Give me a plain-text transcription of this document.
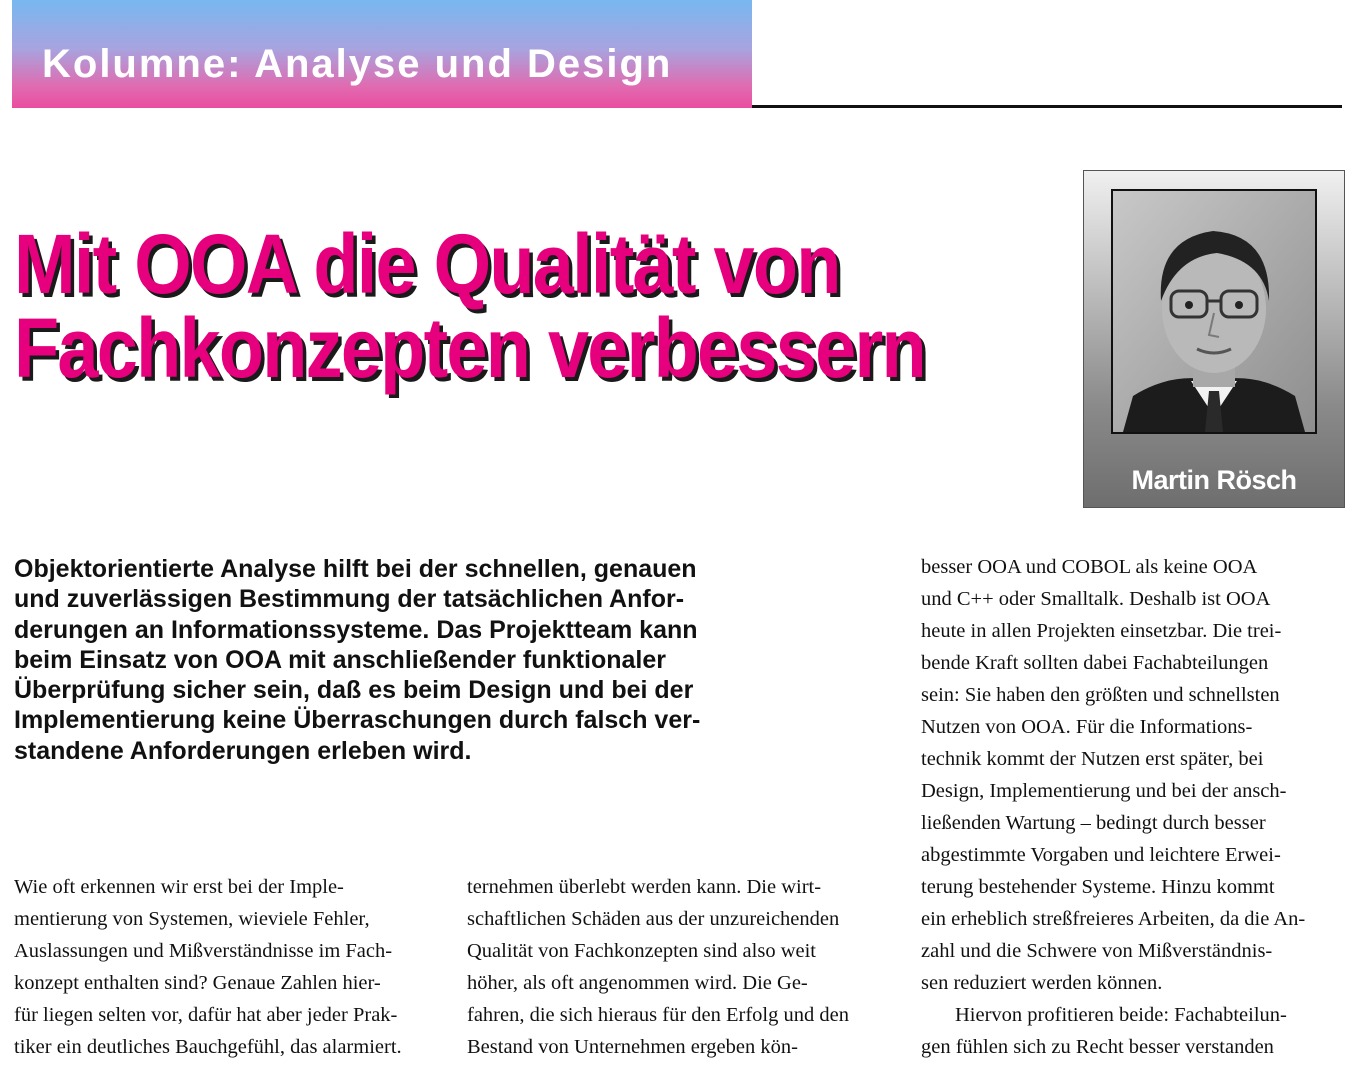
Kolumne: Analyse und Design
Mit OOA die Qualität von
Fachkonzepten verbessern
Martin Rösch
Objektorientierte Analyse hilft bei der schnellen, genauen
und zuverlässigen Bestimmung der tatsächlichen Anfor-
derungen an Informationssysteme. Das Projektteam kann
beim Einsatz von OOA mit anschließender funktionaler
Überprüfung sicher sein, daß es beim Design und bei der
Implementierung keine Überraschungen durch falsch ver-
standene Anforderungen erleben wird.
Wie oft erkennen wir erst bei der Imple-
mentierung von Systemen, wieviele Fehler,
Auslassungen und Mißverständnisse im Fach-
konzept enthalten sind? Genaue Zahlen hier-
für liegen selten vor, dafür hat aber jeder Prak-
tiker ein deutliches Bauchgefühl, das alarmiert.
ternehmen überlebt werden kann. Die wirt-
schaftlichen Schäden aus der unzureichenden
Qualität von Fachkonzepten sind also weit
höher, als oft angenommen wird. Die Ge-
fahren, die sich hieraus für den Erfolg und den
Bestand von Unternehmen ergeben kön-
besser OOA und COBOL als keine OOA
und C++ oder Smalltalk. Deshalb ist OOA
heute in allen Projekten einsetzbar. Die trei-
bende Kraft sollten dabei Fachabteilungen
sein: Sie haben den größten und schnellsten
Nutzen von OOA. Für die Informations-
technik kommt der Nutzen erst später, bei
Design, Implementierung und bei der ansch-
ließenden Wartung – bedingt durch besser
abgestimmte Vorgaben und leichtere Erwei-
terung bestehender Systeme. Hinzu kommt
ein erheblich streßfreieres Arbeiten, da die An-
zahl und die Schwere von Mißverständnis-
sen reduziert werden können.
Hiervon profitieren beide: Fachabteilun-
gen fühlen sich zu Recht besser verstanden
